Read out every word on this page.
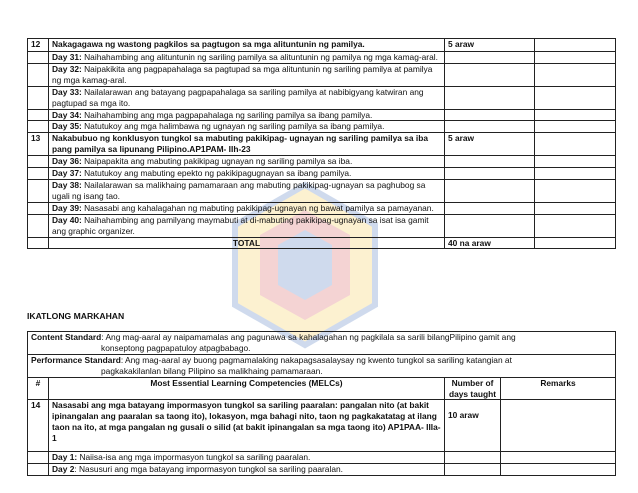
12	Nakagagawa ng wastong pagkilos sa pagtugon sa mga alituntunin ng pamilya.	5 araw	
	Day 31: Naihahambing ang alituntunin ng sariling pamilya sa alituntunin ng pamilya ng mga kamag-aral.		
	Day 32: Naipakikita ang pagpapahalaga sa pagtupad sa mga alituntunin ng sariling pamilya at pamilya ng mga kamag-aral.		
	Day 33: Nailalarawan ang batayang pagpapahalaga sa sariling pamilya at nabibigyang katwiran ang pagtupad sa mga ito.		
	Day 34: Naihahambing ang mga pagpapahalaga ng sariling pamilya sa ibang pamilya.		
	Day 35: Natutukoy ang mga halimbawa ng ugnayan ng sariling pamilya sa ibang pamilya.		
13	Nakabubuo ng konklusyon tungkol sa mabuting pakikipag- ugnayan ng sariling pamilya sa iba pang pamilya sa lipunang Pilipino.AP1PAM- IIh-23	5 araw	
	Day 36: Naipapakita ang mabuting pakikipag ugnayan ng sariling pamilya sa iba.		
	Day 37: Natutukoy ang mabuting epekto ng pakikipagugnayan sa ibang pamilya.		
	Day 38: Nailalarawan sa malikhaing pamamaraan ang mabuting pakikipag-ugnayan sa paghubog sa ugali ng isang tao.		
	Day 39: Nasasabi ang kahalagahan ng mabuting pakikipag-ugnayan ng bawat pamilya sa pamayanan.		
	Day 40: Naihahambing ang pamilyang maymabuti at di-mabuting pakikipag-ugnayan sa isat isa gamit ang graphic organizer.		
	TOTAL	40 na araw	
IKATLONG MARKAHAN
Content Standard: Ang mag-aaral ay naipamamalas ang pagunawa sa kahalagahan ng pagkilala sa sarili bilangPilipino gamit ang
konseptong pagpapatuloy atpagbabago.			

Performance Standard: Ang mag-aaral ay buong pagmamalaking nakapagsasalaysay ng kwento tungkol sa sariling katangian at
pagkakakilanlan bilang Pilipino sa malikhaing pamamaraan.			

#	Most Essential Learning Competencies (MELCs)	Number of days taught	Remarks
14	Nasasabi ang mga batayang impormasyon tungkol sa sariling paaralan: pangalan nito (at bakit ipinangalan ang paaralan sa taong ito), lokasyon, mga bahagi nito, taon ng pagkakatatag at ilang taon na ito, at mga pangalan ng gusali o silid (at bakit ipinangalan sa mga taong ito) AP1PAA- IIIa-1	10 araw	
	Day 1: Naiisa-isa ang mga impormasyon tungkol sa sariling paaralan.		
	Day 2: Nasusuri ang mga batayang impormasyon tungkol sa sariling paaralan.		
